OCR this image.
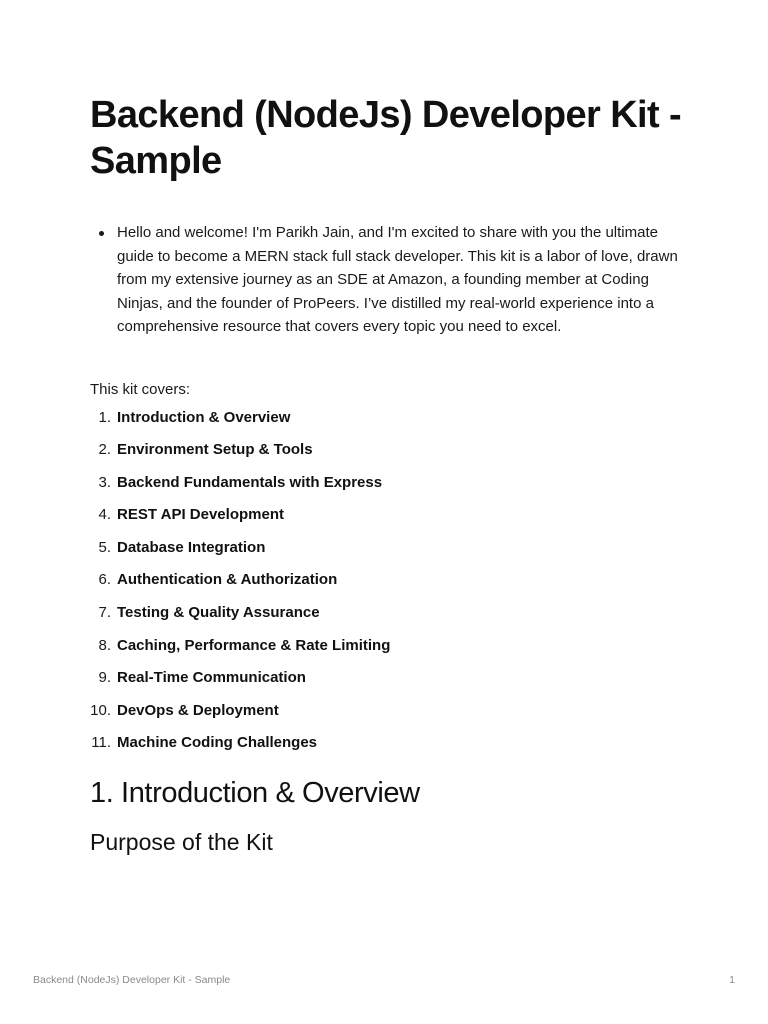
Backend (NodeJs) Developer Kit - Sample
Hello and welcome! I'm Parikh Jain, and I'm excited to share with you the ultimate guide to become a MERN stack full stack developer. This kit is a labor of love, drawn from my extensive journey as an SDE at Amazon, a founding member at Coding Ninjas, and the founder of ProPeers. I’ve distilled my real-world experience into a comprehensive resource that covers every topic you need to excel.

This kit covers:

1. Introduction & Overview
2. Environment Setup & Tools
3. Backend Fundamentals with Express
4. REST API Development
5. Database Integration
6. Authentication & Authorization
7. Testing & Quality Assurance
8. Caching, Performance & Rate Limiting
9. Real-Time Communication
10. DevOps & Deployment
11. Machine Coding Challenges
1. Introduction & Overview
Purpose of the Kit
Backend (NodeJs) Developer Kit - Sample	1
